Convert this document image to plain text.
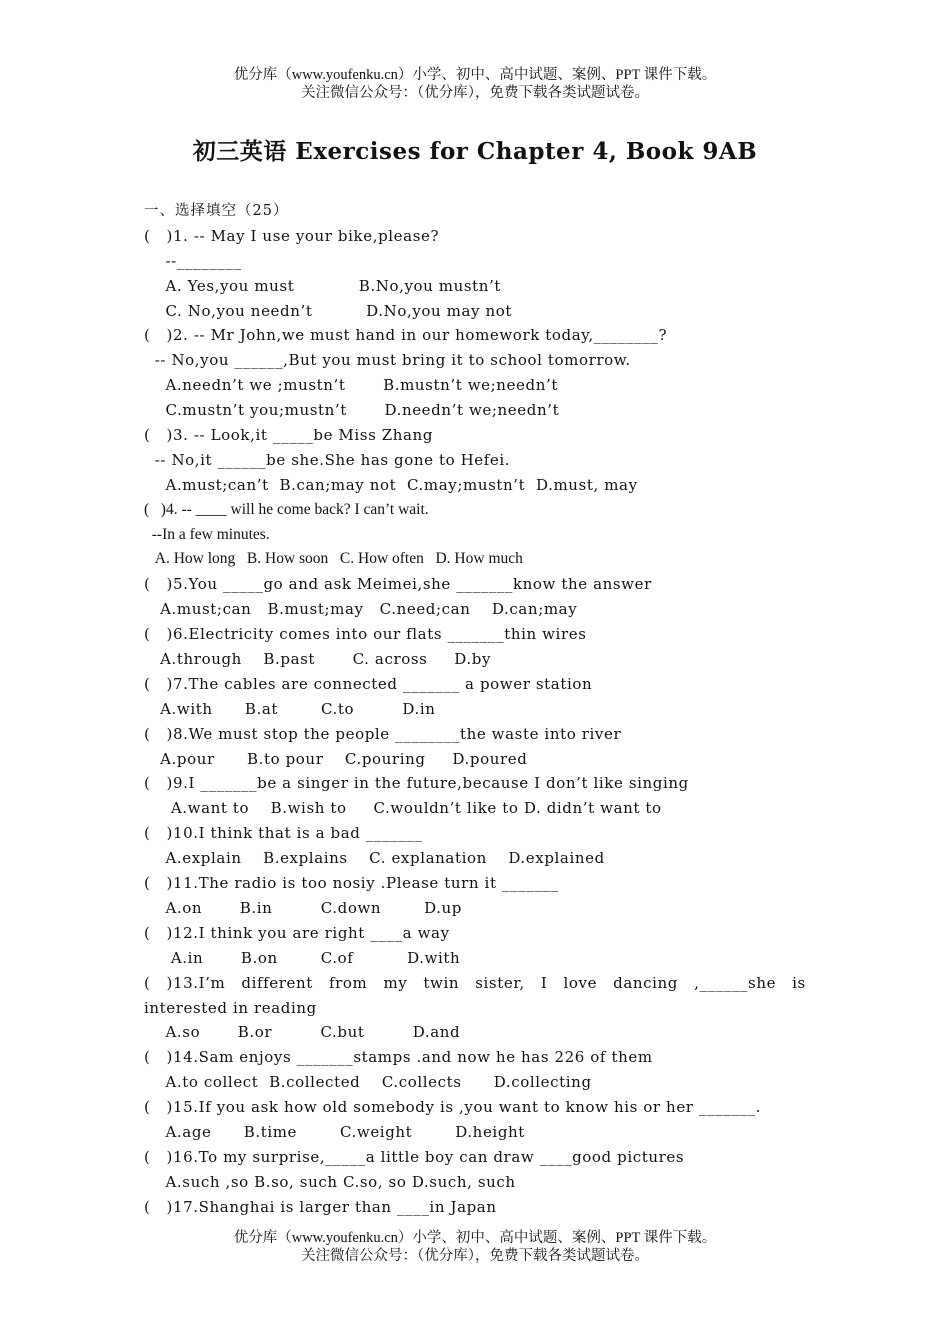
优分库（www.youfenku.cn）小学、初中、高中试题、案例、PPT 课件下载。
关注微信公众号：（优分库），免费下载各类试题试卷。
初三英语 Exercises for Chapter 4, Book 9AB
一、选择填空（25）
(   )1. -- May I use your bike,please?
--________
A. Yes,you must            B.No,you mustn’t
C. No,you needn’t          D.No,you may not
(   )2. -- Mr John,we must hand in our homework today,________?
-- No,you ______,But you must bring it to school tomorrow.
A.needn’t we ;mustn’t       B.mustn’t we;needn’t
C.mustn’t you;mustn’t       D.needn’t we;needn’t
(   )3. -- Look,it _____be Miss Zhang
-- No,it ______be she.She has gone to Hefei.
A.must;can’t  B.can;may not  C.may;mustn’t  D.must, may
(   )4. -- ____ will he come back? I can’t wait.
--In a few minutes.
A. How long   B. How soon   C. How often   D. How much
(   )5.You _____go and ask Meimei,she _______know the answer
A.must;can   B.must;may   C.need;can    D.can;may
(   )6.Electricity comes into our flats _______thin wires
A.through    B.past       C. across     D.by
(   )7.The cables are connected _______ a power station
A.with      B.at        C.to         D.in
(   )8.We must stop the people ________the waste into river
A.pour      B.to pour    C.pouring     D.poured
(   )9.I _______be a singer in the future,because I don’t like singing
A.want to    B.wish to     C.wouldn’t like to D. didn’t want to
(   )10.I think that is a bad _______
A.explain    B.explains    C. explanation    D.explained
(   )11.The radio is too nosiy .Please turn it _______
A.on       B.in         C.down        D.up
(   )12.I think you are right ____a way
A.in       B.on        C.of          D.with
( )13.I’m different from my twin sister, I love dancing ,______she is
interested in reading
A.so       B.or         C.but         D.and
(   )14.Sam enjoys _______stamps .and now he has 226 of them
A.to collect  B.collected    C.collects      D.collecting
(   )15.If you ask how old somebody is ,you want to know his or her _______.
A.age      B.time        C.weight        D.height
(   )16.To my surprise,_____a little boy can draw ____good pictures
A.such ,so B.so, such C.so, so D.such, such
(   )17.Shanghai is larger than ____in Japan
优分库（www.youfenku.cn）小学、初中、高中试题、案例、PPT 课件下载。
关注微信公众号：（优分库），免费下载各类试题试卷。
